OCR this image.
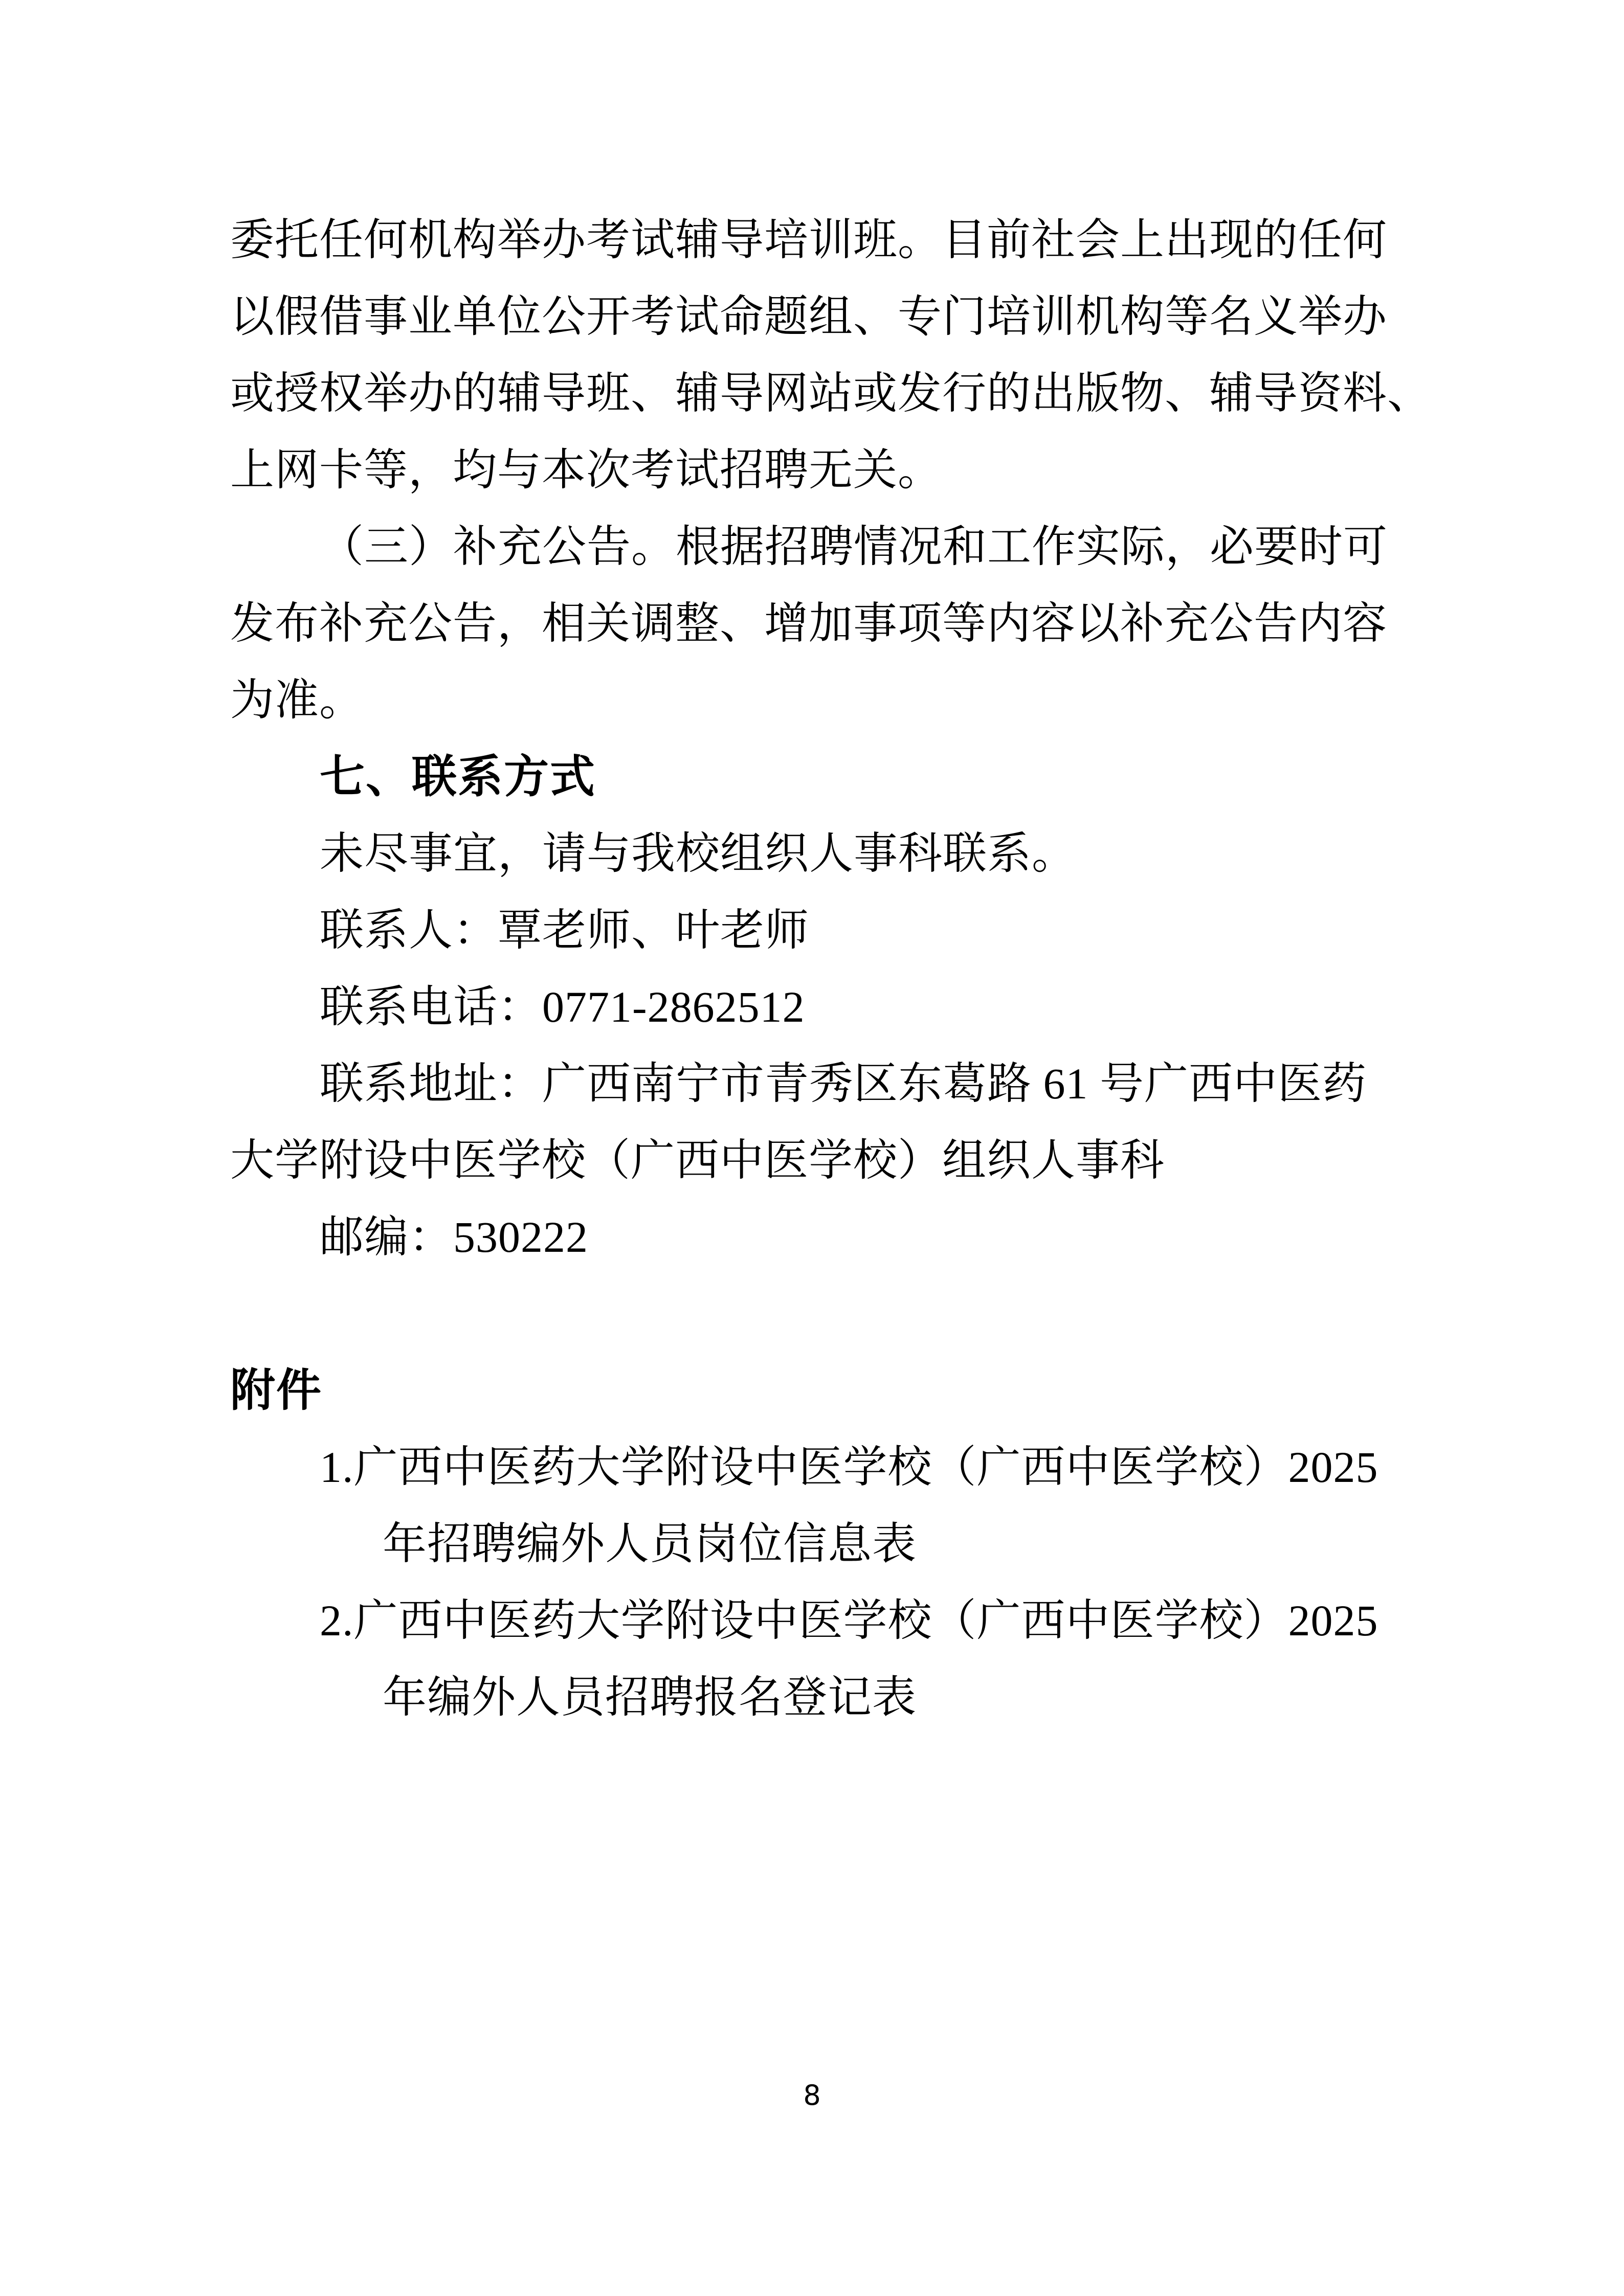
委托任何机构举办考试辅导培训班。目前社会上出现的任何
以假借事业单位公开考试命题组、专门培训机构等名义举办
或授权举办的辅导班、辅导网站或发行的出版物、辅导资料、
上网卡等，均与本次考试招聘无关。
（三）补充公告。根据招聘情况和工作实际，必要时可
发布补充公告，相关调整、增加事项等内容以补充公告内容
为准。
七、联系方式
未尽事宜，请与我校组织人事科联系。
联系人：覃老师、叶老师
联系电话：0771-2862512
联系地址：广西南宁市青秀区东葛路 61 号广西中医药
大学附设中医学校（广西中医学校）组织人事科
邮编：530222
附件
1.广西中医药大学附设中医学校（广西中医学校）2025
年招聘编外人员岗位信息表
2.广西中医药大学附设中医学校（广西中医学校）2025
年编外人员招聘报名登记表
8
